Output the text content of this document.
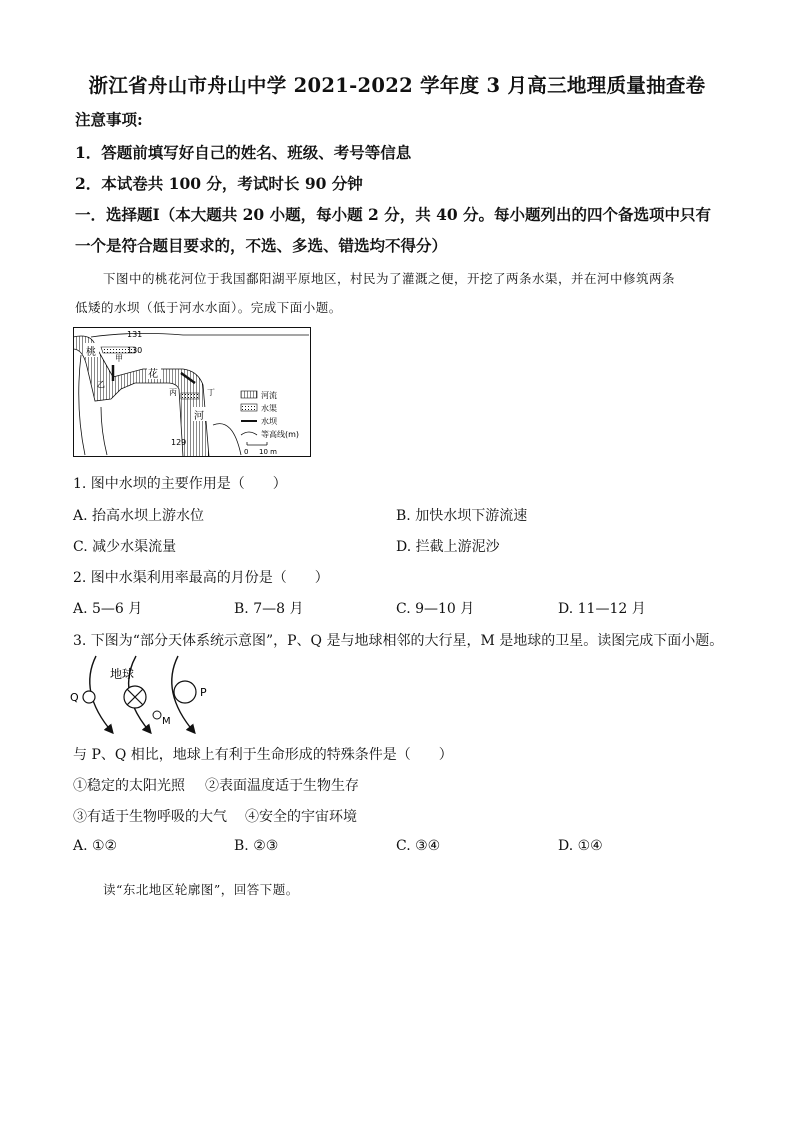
浙江省舟山市舟山中学 2021-2022 学年度 3 月高三地理质量抽查卷
注意事项:
1．答题前填写好自己的姓名、班级、考号等信息
2．本试卷共 100 分，考试时长 90 分钟
一．选择题Ⅰ（本大题共 20 小题，每小题 2 分，共 40 分。每小题列出的四个备选项中只有
一个是符合题目要求的，不选、多选、错选均不得分）
下图中的桃花河位于我国鄱阳湖平原地区，村民为了灌溉之便，开挖了两条水渠，并在河中修筑两条
低矮的水坝（低于河水水面）。完成下面小题。
131
130
129
桃
花
河
甲
乙
丙	丁	河流
水渠
水坝
等高线(m)
0 10 m
1. 图中水坝的主要作用是（　　）
A. 抬高水坝上游水位	B. 加快水坝下游流速
C. 减少水渠流量	D. 拦截上游泥沙
2. 图中水渠利用率最高的月份是（　　）
A. 5—6 月	B. 7—8 月	C. 9—10 月	D. 11—12 月
3. 下图为“部分天体系统示意图”，P、Q 是与地球相邻的大行星，M 是地球的卫星。读图完成下面小题。
地球
Q	P
M
与 P、Q 相比，地球上有利于生命形成的特殊条件是（　　）
①稳定的太阳光照 ②表面温度适于生物生存
③有适于生物呼吸的大气 ④安全的宇宙环境
A. ①②	B. ②③	C. ③④	D. ①④
读“东北地区轮廓图”，回答下题。
